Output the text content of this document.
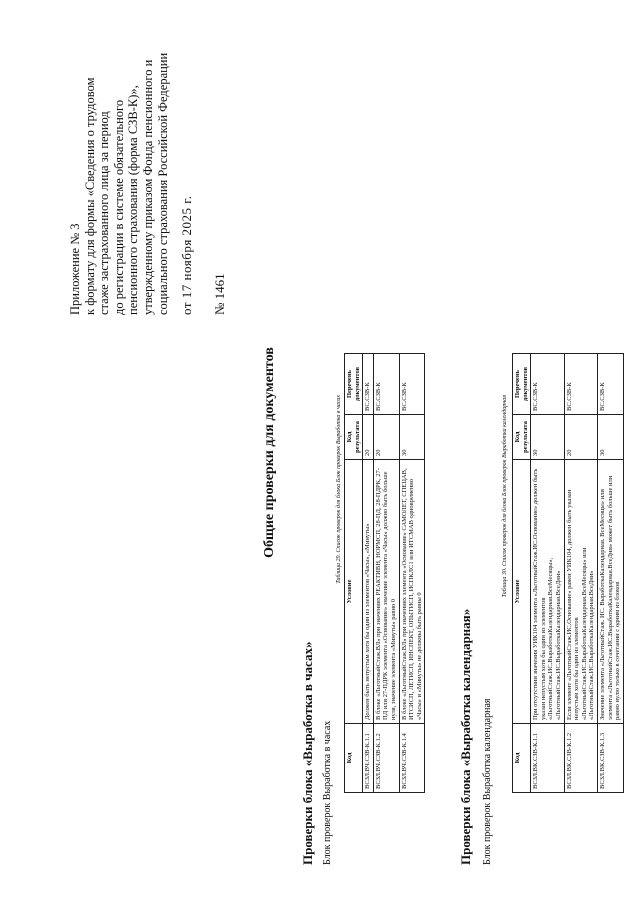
Приложение № 3 к формату для формы «Сведения о трудовом стаже застрахованного лица за период до регистрации в системе обязательного пенсионного страхования (форма СЗВ-К)», утвержденному приказом Фонда пенсионного и социального страхования Российской Федерации от 17 ноября 2025 г. № 1461
Общие проверки для документов
Проверки блока «Выработка в часах» Блок проверок Выработка в часах
Таблица 29. Список проверок для блока Блок проверок Выработка в часах
Код	Условие	Код результата	Перечень документов
ВСЗЛ.ВЧ.СЗВ-К.1.1	Должен быть непустым хотя бы один из элементов «Часы», «Минуты»	20	ВС.СЗВ-К
ВСЗЛ.ВЧ.СЗВ-К.1.2	В блоке «ЛьготныйСтаж.ВЛ» при значениях РЕАКТИВН, НОРМСП, 28-ПД, 28-ПДРК, 27-ПД или 27-ПДРК элемента «Основание» значение элемента «Часы» должно быть больше нуля, значение элемента «Минуты» равно 0	20	ВС.СЗВ-К
ВСЗЛ.ВЧ.СЗВ-К.1.4	В блоке «ЛьготныйСтаж.ВЛ» при значениях элемента «Основание» САМОЛЕТ, СПЕЦАВ, ИТСИСП, ЛЕТИСП, ИНСПЕКТ, ОПЫТИСП, ИСПКЛС1 или ИТСМАВ одновременно «Часы» и «Минуты» не должны быть равны 0	30	ВС.СЗВ-К
Проверки блока «Выработка календарная» Блок проверок Выработка календарная
Таблица 30. Список проверок для блока Блок проверок Выработка календарная
Код	Условие	Код результата	Перечень документов
ВСЗЛ.ВК.СЗВ-К.1.1	При отсутствии значения УИК104 элемента «ЛьготныйСтаж.ИС.Основание» должен быть указан непустым хотя бы один из элементов «ЛьготныйСтаж.ИС.ВыработкаКалендарная.ВсеМесяцы», «ЛьготныйСтаж.ИС.ВыработкаКалендарная.ВсеДни»	30	ВС.СЗВ-К
ВСЗЛ.ВК.СЗВ-К.1.2	Если элемент «ЛьготныйСтаж.ИС.Основание» равен УИК104, должен быть указан непустым хотя бы один из элементов «ЛьготныйСтаж.ИС.ВыработкаКалендарная.ВсеМесяцы» или «ЛьготныйСтаж.ИС.ВыработкаКалендарная.ВсеДни»	20	ВС.СЗВ-К
ВСЗЛ.ВК.СЗВ-К.1.3	Значение элемента «ЛьготныйСтаж. ИС. ВыработкаКалендарная. ВсеМесяцы» или элемента «ЛьготныйСтаж.ИС.ВыработкаКалендарная.ВсеДни» может быть больше или равно нулю только в сочетании с одним из блоков	30	ВС.СЗВ-К
